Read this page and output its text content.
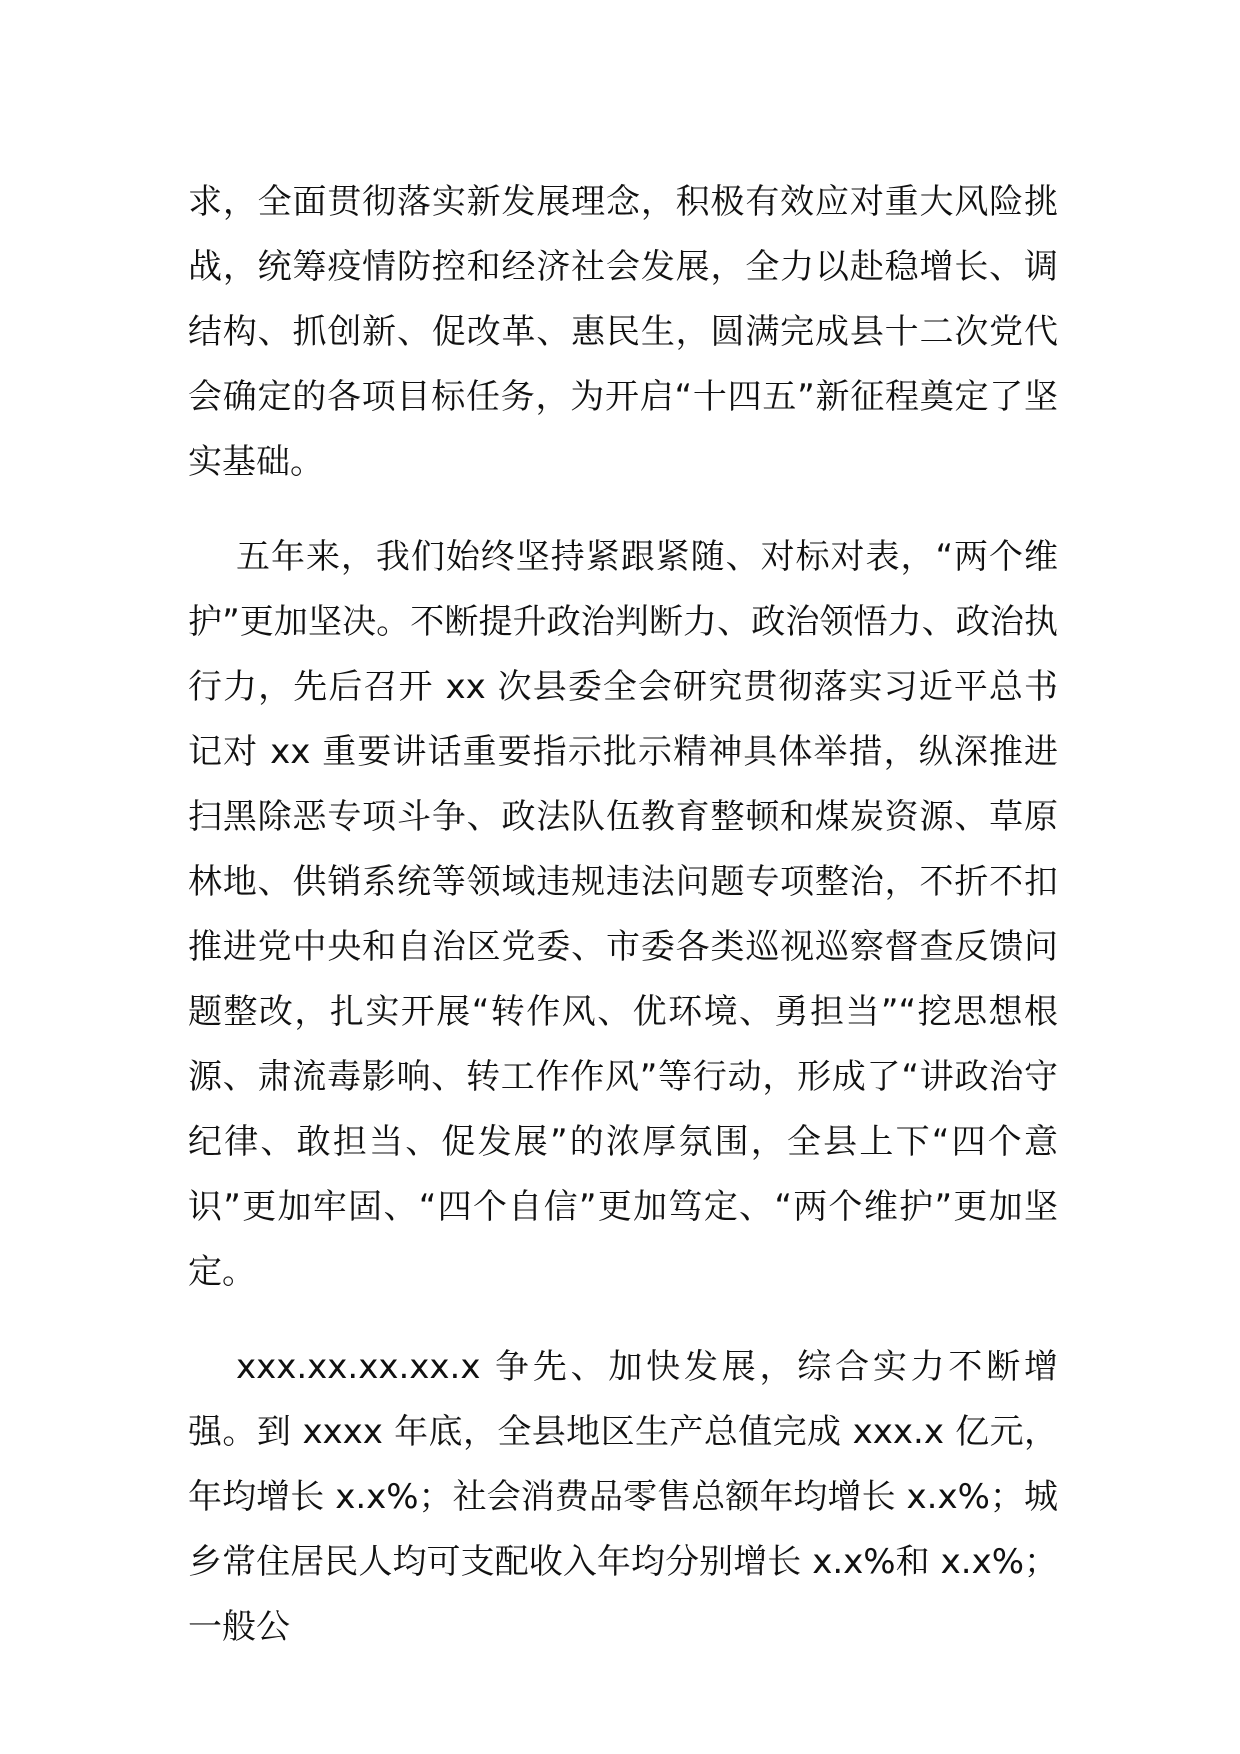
求，全面贯彻落实新发展理念，积极有效应对重大风险挑战，统筹疫情防控和经济社会发展，全力以赴稳增长、调结构、抓创新、促改革、惠民生，圆满完成县十二次党代会确定的各项目标任务，为开启“十四五”新征程奠定了坚实基础。

五年来，我们始终坚持紧跟紧随、对标对表，“两个维护”更加坚决。不断提升政治判断力、政治领悟力、政治执行力，先后召开 xx 次县委全会研究贯彻落实习近平总书记对 xx 重要讲话重要指示批示精神具体举措，纵深推进扫黑除恶专项斗争、政法队伍教育整顿和煤炭资源、草原林地、供销系统等领域违规违法问题专项整治，不折不扣推进党中央和自治区党委、市委各类巡视巡察督查反馈问题整改，扎实开展“转作风、优环境、勇担当”“挖思想根源、肃流毒影响、转工作作风”等行动，形成了“讲政治守纪律、敢担当、促发展”的浓厚氛围，全县上下“四个意识”更加牢固、“四个自信”更加笃定、“两个维护”更加坚定。

xxx.xx.xx.xx.x 争先、加快发展，综合实力不断增强。到 xxxx 年底，全县地区生产总值完成 xxx.x 亿元，年均增长 x.x%；社会消费品零售总额年均增长 x.x%；城乡常住居民人均可支配收入年均分别增长 x.x%和 x.x%；一般公
